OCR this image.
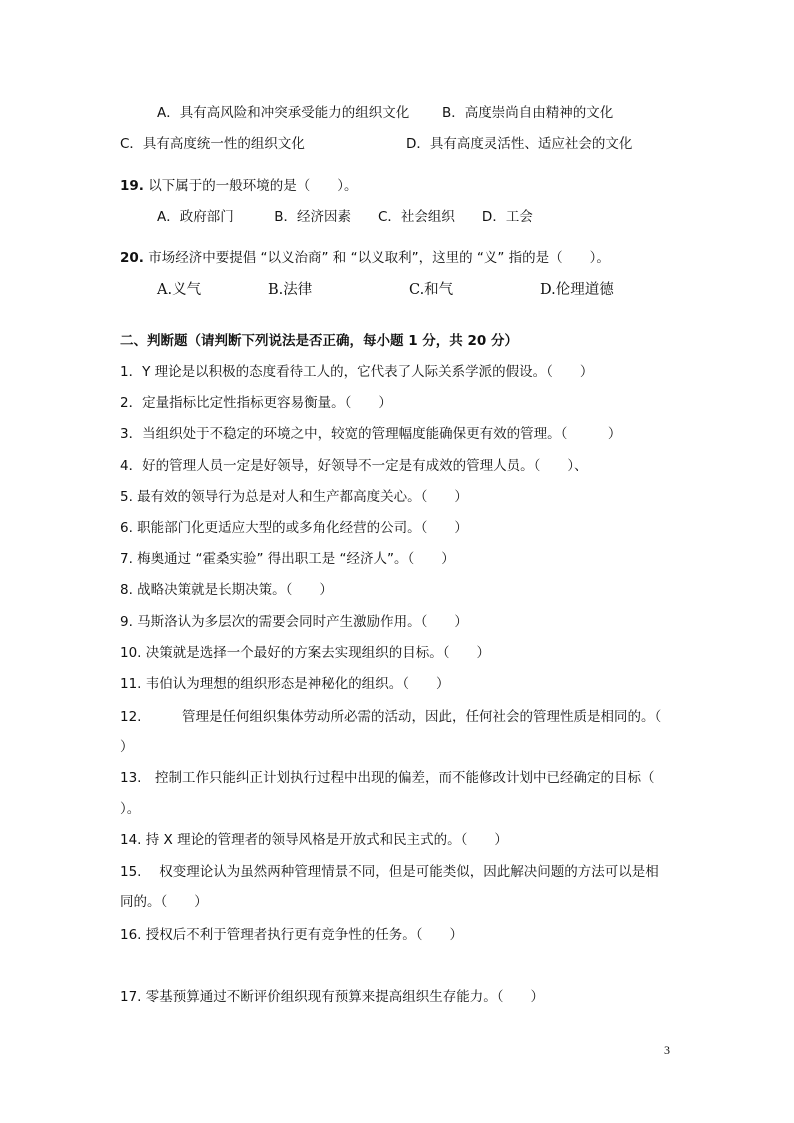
A．具有高风险和冲突承受能力的组织文化 B．高度崇尚自由精神的文化
C．具有高度统一性的组织文化	D．具有高度灵活性、适应社会的文化
19. 以下属于的一般环境的是（　　）。
A．政府部门　　　B．经济因素　　C．社会组织　　D．工会
20. 市场经济中要提倡 “以义治商” 和 “以义取利”，这里的 “义” 指的是（　　）。
A.义气	B.法律	C.和气	D.伦理道德
二、判断题（请判断下列说法是否正确，每小题 1 分，共 20 分）
1．Y 理论是以积极的态度看待工人的，它代表了人际关系学派的假设。（　　）
2．定量指标比定性指标更容易衡量。（　　）
3．当组织处于不稳定的环境之中，较宽的管理幅度能确保更有效的管理。（　　　）
4．好的管理人员一定是好领导，好领导不一定是有成效的管理人员。（　　）、
5. 最有效的领导行为总是对人和生产都高度关心。（　　）
6. 职能部门化更适应大型的或多角化经营的公司。（　　）
7. 梅奥通过 “霍桑实验” 得出职工是 “经济人”。（　　）
8. 战略决策就是长期决策。（　　）
9. 马斯洛认为多层次的需要会同时产生激励作用。（　　）
10. 决策就是选择一个最好的方案去实现组织的目标。（　　）
11. 韦伯认为理想的组织形态是神秘化的组织。（　　）
12.　　　管理是任何组织集体劳动所必需的活动，因此，任何社会的管理性质是相同的。（
）
13.　控制工作只能纠正计划执行过程中出现的偏差，而不能修改计划中已经确定的目标（
）。
14. 持 X 理论的管理者的领导风格是开放式和民主式的。（　　）
15.　 权变理论认为虽然两种管理情景不同，但是可能类似，因此解决问题的方法可以是相
同的。（　　）
16. 授权后不利于管理者执行更有竞争性的任务。（　　）
17. 零基预算通过不断评价组织现有预算来提高组织生存能力。（　　）
3
